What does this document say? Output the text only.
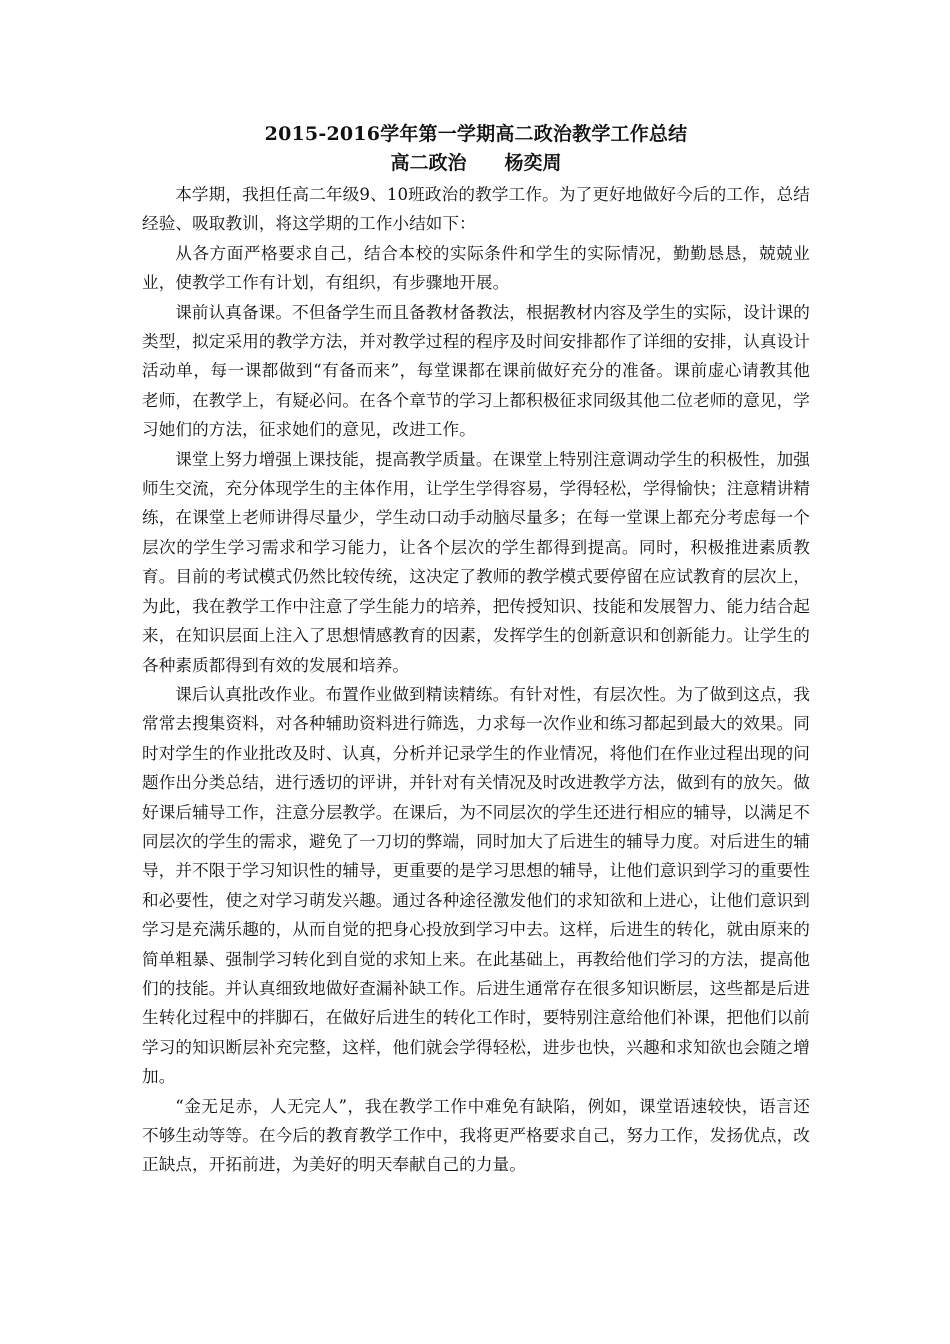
2015-2016学年第一学期高二政治教学工作总结

高二政治　　杨奕周

本学期，我担任高二年级9、10班政治的教学工作。为了更好地做好今后的工作，总结经验、吸取教训，将这学期的工作小结如下：

从各方面严格要求自己，结合本校的实际条件和学生的实际情况，勤勤恳恳，兢兢业业，使教学工作有计划，有组织，有步骤地开展。

课前认真备课。不但备学生而且备教材备教法，根据教材内容及学生的实际，设计课的类型，拟定采用的教学方法，并对教学过程的程序及时间安排都作了详细的安排，认真设计活动单，每一课都做到“有备而来”，每堂课都在课前做好充分的准备。课前虚心请教其他老师，在教学上，有疑必问。在各个章节的学习上都积极征求同级其他二位老师的意见，学习她们的方法，征求她们的意见，改进工作。

课堂上努力增强上课技能，提高教学质量。在课堂上特别注意调动学生的积极性，加强师生交流，充分体现学生的主体作用，让学生学得容易，学得轻松，学得愉快；注意精讲精练，在课堂上老师讲得尽量少，学生动口动手动脑尽量多；在每一堂课上都充分考虑每一个层次的学生学习需求和学习能力，让各个层次的学生都得到提高。同时，积极推进素质教育。目前的考试模式仍然比较传统，这决定了教师的教学模式要停留在应试教育的层次上，为此，我在教学工作中注意了学生能力的培养，把传授知识、技能和发展智力、能力结合起来，在知识层面上注入了思想情感教育的因素，发挥学生的创新意识和创新能力。让学生的各种素质都得到有效的发展和培养。

课后认真批改作业。布置作业做到精读精练。有针对性，有层次性。为了做到这点，我常常去搜集资料，对各种辅助资料进行筛选，力求每一次作业和练习都起到最大的效果。同时对学生的作业批改及时、认真，分析并记录学生的作业情况，将他们在作业过程出现的问题作出分类总结，进行透切的评讲，并针对有关情况及时改进教学方法，做到有的放矢。做好课后辅导工作，注意分层教学。在课后，为不同层次的学生还进行相应的辅导，以满足不同层次的学生的需求，避免了一刀切的弊端，同时加大了后进生的辅导力度。对后进生的辅导，并不限于学习知识性的辅导，更重要的是学习思想的辅导，让他们意识到学习的重要性和必要性，使之对学习萌发兴趣。通过各种途径激发他们的求知欲和上进心，让他们意识到学习是充满乐趣的，从而自觉的把身心投放到学习中去。这样，后进生的转化，就由原来的简单粗暴、强制学习转化到自觉的求知上来。在此基础上，再教给他们学习的方法，提高他们的技能。并认真细致地做好查漏补缺工作。后进生通常存在很多知识断层，这些都是后进生转化过程中的拌脚石，在做好后进生的转化工作时，要特别注意给他们补课，把他们以前学习的知识断层补充完整，这样，他们就会学得轻松，进步也快，兴趣和求知欲也会随之增加。

“金无足赤，人无完人”，我在教学工作中难免有缺陷，例如，课堂语速较快，语言还不够生动等等。在今后的教育教学工作中，我将更严格要求自己，努力工作，发扬优点，改正缺点，开拓前进，为美好的明天奉献自己的力量。
